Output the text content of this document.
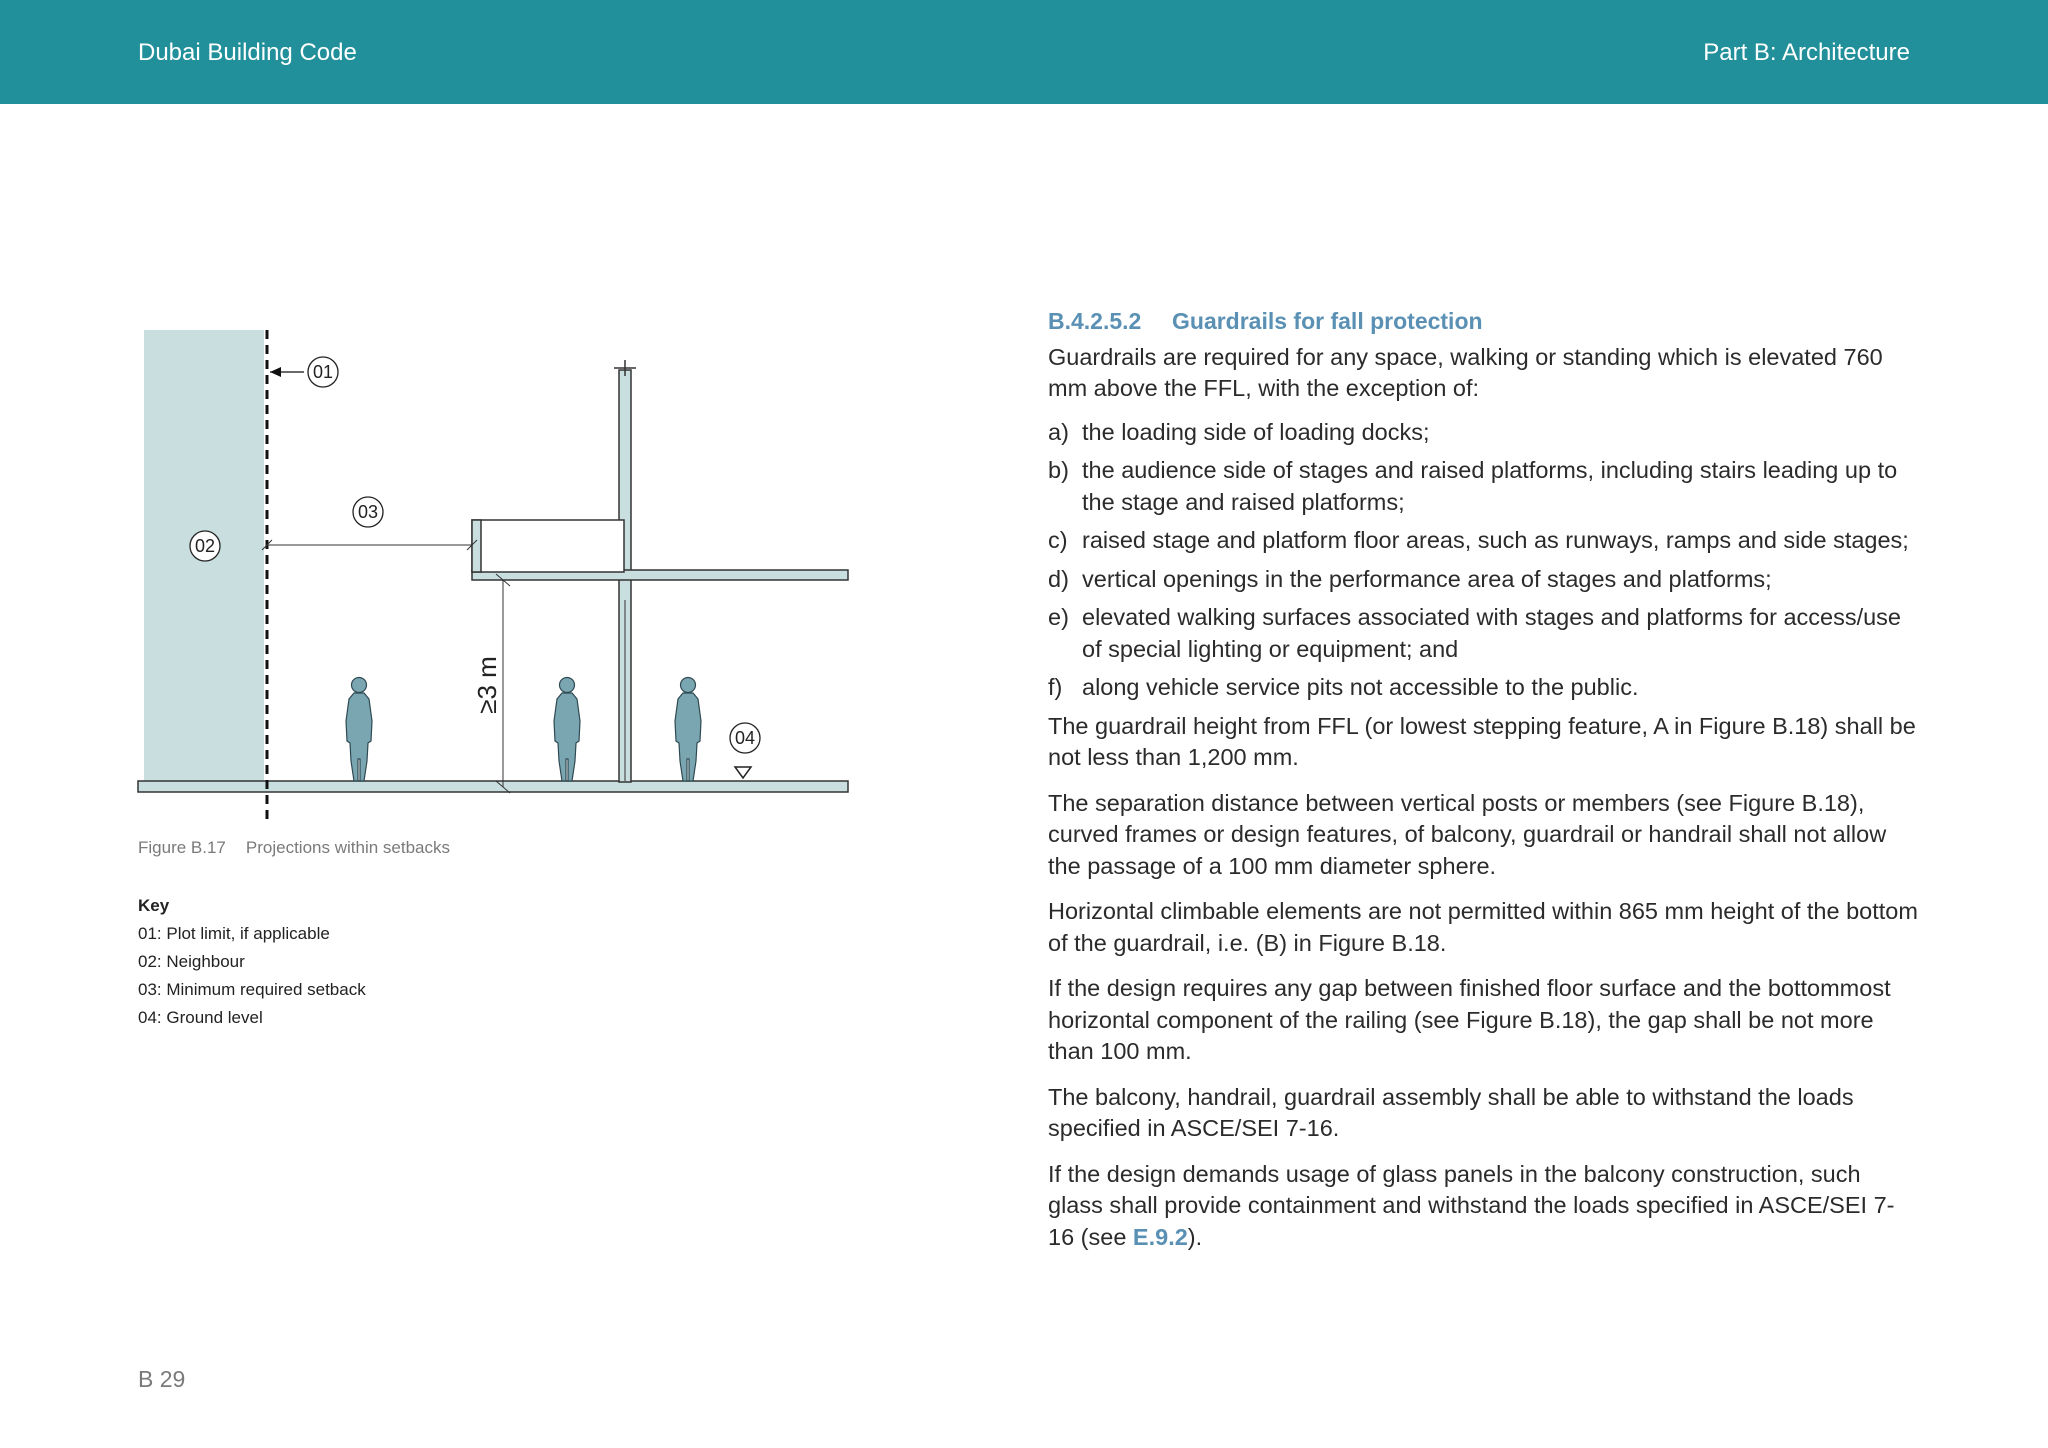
Dubai Building Code	Part B: Architecture
≥3 m
01
02
03
04
Figure B.17 Projections within setbacks
Key
01: Plot limit, if applicable
02: Neighbour
03: Minimum required setback
04: Ground level
B.4.2.5.2 Guardrails for fall protection

Guardrails are required for any space, walking or standing which is elevated 760 mm above the FFL, with the exception of:

a) the loading side of loading docks;
b) the audience side of stages and raised platforms, including stairs leading up to the stage and raised platforms;
c) raised stage and platform floor areas, such as runways, ramps and side stages;
d) vertical openings in the performance area of stages and platforms;
e) elevated walking surfaces associated with stages and platforms for access/use of special lighting or equipment; and
f) along vehicle service pits not accessible to the public.

The guardrail height from FFL (or lowest stepping feature, A in Figure B.18) shall be not less than 1,200 mm.

The separation distance between vertical posts or members (see Figure B.18), curved frames or design features, of balcony, guardrail or handrail shall not allow the passage of a 100 mm diameter sphere.

Horizontal climbable elements are not permitted within 865 mm height of the bottom of the guardrail, i.e. (B) in Figure B.18.

If the design requires any gap between finished floor surface and the bottommost horizontal component of the railing (see Figure B.18), the gap shall be not more than 100 mm.

The balcony, handrail, guardrail assembly shall be able to withstand the loads specified in ASCE/SEI 7-16.

If the design demands usage of glass panels in the balcony construction, such glass shall provide containment and withstand the loads specified in ASCE/SEI 7-16 (see E.9.2).

B 29
